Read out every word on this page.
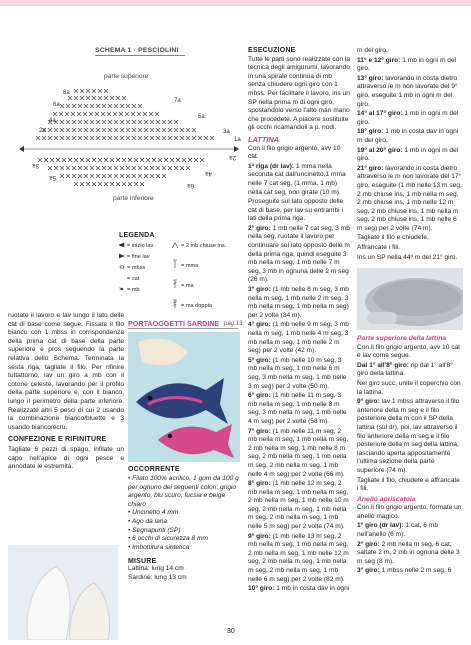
SCHEMA 1 - PESCIOLINI
8a
6a
4a
2a
7a
5a
3a
1a
2a
3a
5a
4a
6a
parte superiore
parte inferiore
LEGENDA
= inizio lav
= fine lav
= mbss
= cat
= mb
= 2 mb chiuse ins.
= mma
= ma
= ma doppia
×

ruotate il lavoro e lav lungo il lato delle cat di base come segue. Fissate il filo bianco con 1 mbss in corrispondenza della prima cat di base della parte superiore e pros seguendo la parte relativa dello Schema. Terminata la sesta riga, tagliate il filo. Per rifinire tuttattorno, lav un giro a mb con il cotone celeste, lavorando per il profilo della parte superiore e, con il bianco, lungo il perimetro della parte inferiore. Realizzate altri 5 pesci di cui 2 usando la combinazione bianco/bluette e 3 usando bianco/écru.

CONFEZIONE E RIFINITURE

Tagliate 6 pezzi di spago, infilate un capo nell'apice di ogni pesce e annodate le estremità.

PORTAOGGETTI SARDINE pag.13
OCCORRENTE
• Filato 100% acrilico, 1 gom da 100 g per ognuno dei seguenti colori: grigio argento, blu scuro, fucsia e beige chiaro
• Uncinetto 4 mm
• Ago da lana
• Segnapunti (SP)
• 6 occhi di sicurezza 8 mm
• Imbottitura sintetica
MISURE
Lattina: lung 14 cm
Sardine: lung 13 cm
ESECUZIONE

Tutte le parti sono realizzate con la tecnica degli amigurumi, lavorando in una spirale continua di mb senza chiudere ogni giro con 1 mbss. Per facilitare il lavoro, ins un SP nella prima m di ogni giro, spostandolo verso l'alto man mano che procedete. A piacere sostituite gli occhi ricamandoli a p. nodi.

LATTINA

Con il filo grigio argento, avv 10 cat.

1ª riga (dr lav): 1 mma nella seconda cat dall'uncinetto,1 mma nelle 7 cat seg, (1 mma, 1 mb) nella cat seg, non girate (10 m).

Proseguite sul lato opposto delle cat di base, per lav su entrambi i lati della prima riga.

2° giro: 1 mb nelle 7 cat seg, 3 mb nella seg, ruotate il lavoro per continuare sul lato opposto delle m della prima riga, quindi eseguite 3 mb nella m seg, 1 mb nelle 7 m seg, 3 mb in ognuna delle 2 m seg (26 m).

3° giro: (1 mb nelle 8 m seg, 3 mb nella m seg, 1 mb nelle 2 m seg, 3 mb nella m seg, 1 mb nella m seg) per 2 volte (34 m).

4° giro: (1 mb nelle 9 m seg, 3 mb nella m seg, 1 mb nelle 4 m seg, 3 mb nella m seg, 1 mb nelle 2 m seg) per 2 volte (42 m).

5° giro: (1 mb nelle 10 m seg, 3 mb nella m seg, 1 mb nelle 6 m seg, 3 mb nella m seg, 1 mb nelle 3 m seg) per 2 volte (50 m).

6° giro: (1 mb nelle 11 m seg, 3 mb nella m seg, 1 mb nelle 8 m seg, 3 mb nella m seg, 1 mb nelle 4 m seg) per 2 volte (58 m).

7° giro: (1 mb nelle 11 m seg, 2 mb nella m seg, 1 mb nella m seg, 2 mb nella m seg, 1 mb nelle 8 m seg, 2 mb nella m seg, 1 mb nella m seg, 2 mb nella m seg, 1 mb nelle 4 m seg) per 2 volte (66 m).

8° giro: (1 mb nelle 12 m seg, 2 mb nella m seg, 1 mb nella m seg, 2 mb nella m seg, 1 mb nelle 10 m seg, 2 mb nella m seg, 1 mb nella m seg, 2 mb nella m seg, 1 mb nelle 5 m seg) per 2 volte (74 m).

9° giro: (1 mb nelle 13 m seg, 2 mb nella m seg, 1 mb nella m seg, 2 mb nella m seg, 1 mb nelle 12 m seg, 2 mb nella m seg, 1 mb nella m seg, 2 mb nella m seg, 1 mb nelle 6 m seg) per 2 volte (82 m).

10° giro: 1 mb in costa dav in ogni

m del giro.

11° e 12° giro: 1 mb in ogni m del giro.

13° giro: lavorando in costa dietro attraverso le m non lavorate del 9° giro, eseguite 1 mb in ogni m del giro.

14° al 17° giro: 1 mb in ogni m del giro.

18° giro: 1 mb in costa dav in ogni m del giro.

19° al 20° giro: 1 mb in ogni m del giro.

21° giro: lavorando in costa dietro attraverso le m non lavorate del 17° giro, eseguite (1 mb nelle 13 m seg, 2 mb chiuse ins, 1 mb nella m seg, 2 mb chiuse ins, 1 mb nelle 12 m seg, 2 mb chiuse ins, 1 mb nella m seg, 2 mb chiuse ins, 1 mb nelle 6 m seg) per 2 volte (74 m).

Tagliate il filo e chiudete.

Affrancate i fili.

Ins un SP nella 44ª m del 21° giro.

Parte superiore della lattina

Con il filo grigio argento, avv 10 cat e lav come segue.

Dal 1° all'8° giro: rip dal 1° all'8° giro della lattina.

Nel giro succ, unite il coperchio con la lattina.

9° giro: lav 1 mbss attraverso il filo anteriore della m seg e il filo posteriore della m con il SP della lattina (sul dr), poi, lav attraverso il filo anteriore della m seg e il filo posteriore della m seg della lattina, lasciando aperta appositamente l'ultima sezione della parte superiore (74 m).

Tagliate il filo, chiudete e affrancate i fili.

Anello apriscatola

Con il filo grigio argento, formate un anello magico.

1° giro (dr lav): 1 cat, 6 mb nell'anello (6 m).

2° giro: 2 mb nella m seg, 6 cat, saltate 2 m, 2 mb in ognuna delle 3 m seg (8 m).

3° giro: 1 mbss nelle 2 m seg, 6

30
